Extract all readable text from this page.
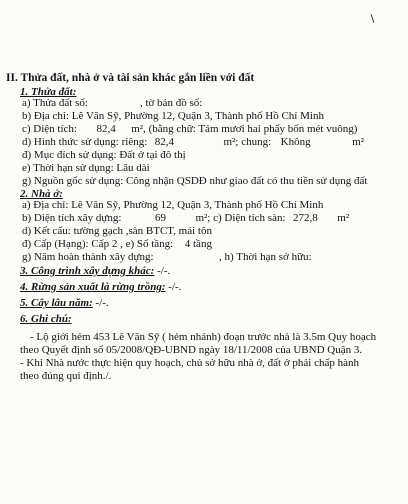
II. Thửa đất, nhà ở và tài sản khác gắn liền với đất
1. Thửa đất:
a) Thửa đất số:	, tờ bản đồ số:
b) Địa chỉ: Lê Văn Sỹ, Phường 12, Quận 3, Thành phố Hồ Chí Minh
c) Diện tích: 82,4 m², (bằng chữ: Tám mươi hai phẩy bốn mét vuông)
d) Hình thức sử dụng: riêng: 82,4	m²; chung: Không	m²
đ) Mục đích sử dụng: Đất ở tại đô thị
e) Thời hạn sử dụng: Lâu dài
g) Nguồn gốc sử dụng: Công nhận QSDĐ như giao đất có thu tiền sử dụng đất
2. Nhà ở:
a) Địa chỉ: Lê Văn Sỹ, Phường 12, Quận 3, Thành phố Hồ Chí Minh
b) Diện tích xây dựng:	69	m²; c) Diện tích sàn: 272,8 m²
d) Kết cấu: tường gạch ,sàn BTCT, mái tôn
đ) Cấp (Hạng): Cấp 2 , e) Số tầng: 4 tầng
g) Năm hoàn thành xây dựng:	, h) Thời hạn sở hữu:
3. Công trình xây dựng khác: -/-.
4. Rừng sản xuất là rừng trồng: -/-.
5. Cây lâu năm: -/-.
6. Ghi chú:
- Lộ giới hẻm 453 Lê Văn Sỹ ( hẻm nhánh) đoạn trước nhà là 3.5m Quy hoạch
theo Quyết định số 05/2008/QĐ-UBND ngày 18/11/2008 của UBND Quận 3.
- Khi Nhà nước thực hiện quy hoạch, chủ sở hữu nhà ở, đất ở phải chấp hành
theo đúng qui định./.
